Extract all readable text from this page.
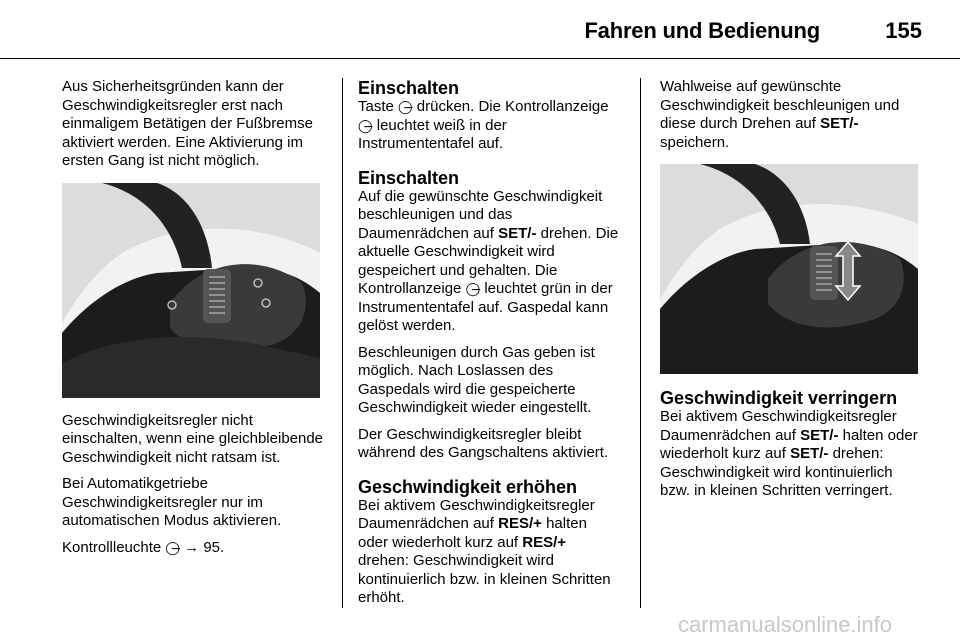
Fahren und Bedienung	155

Aus Sicherheitsgründen kann der Geschwindigkeitsregler erst nach einmaligem Betätigen der Fußbremse aktiviert werden. Eine Aktivierung im ersten Gang ist nicht möglich.

Geschwindigkeitsregler nicht einschalten, wenn eine gleichbleibende Geschwindigkeit nicht ratsam ist.

Bei Automatikgetriebe Geschwindigkeitsregler nur im automatischen Modus aktivieren.

Kontrollleuchte ◯̶ → 95.

Einschalten

Taste ◯̶ drücken. Die Kontrollanzeige ◯̶ leuchtet weiß in der Instrumententafel auf.

Einschalten

Auf die gewünschte Geschwindigkeit beschleunigen und das Daumenrädchen auf SET/- drehen. Die aktuelle Geschwindigkeit wird gespeichert und gehalten. Die Kontrollanzeige ◯̶ leuchtet grün in der Instrumententafel auf. Gaspedal kann gelöst werden.

Beschleunigen durch Gas geben ist möglich. Nach Loslassen des Gaspedals wird die gespeicherte Geschwindigkeit wieder eingestellt.

Der Geschwindigkeitsregler bleibt während des Gangschaltens aktiviert.

Geschwindigkeit erhöhen

Bei aktivem Geschwindigkeitsregler Daumenrädchen auf RES/+ halten oder wiederholt kurz auf RES/+ drehen: Geschwindigkeit wird kontinuierlich bzw. in kleinen Schritten erhöht.

Wahlweise auf gewünschte Geschwindigkeit beschleunigen und diese durch Drehen auf SET/- speichern.

Geschwindigkeit verringern

Bei aktivem Geschwindigkeitsregler Daumenrädchen auf SET/- halten oder wiederholt kurz auf SET/- drehen: Geschwindigkeit wird kontinuierlich bzw. in kleinen Schritten verringert.

carmanualsonline.info
